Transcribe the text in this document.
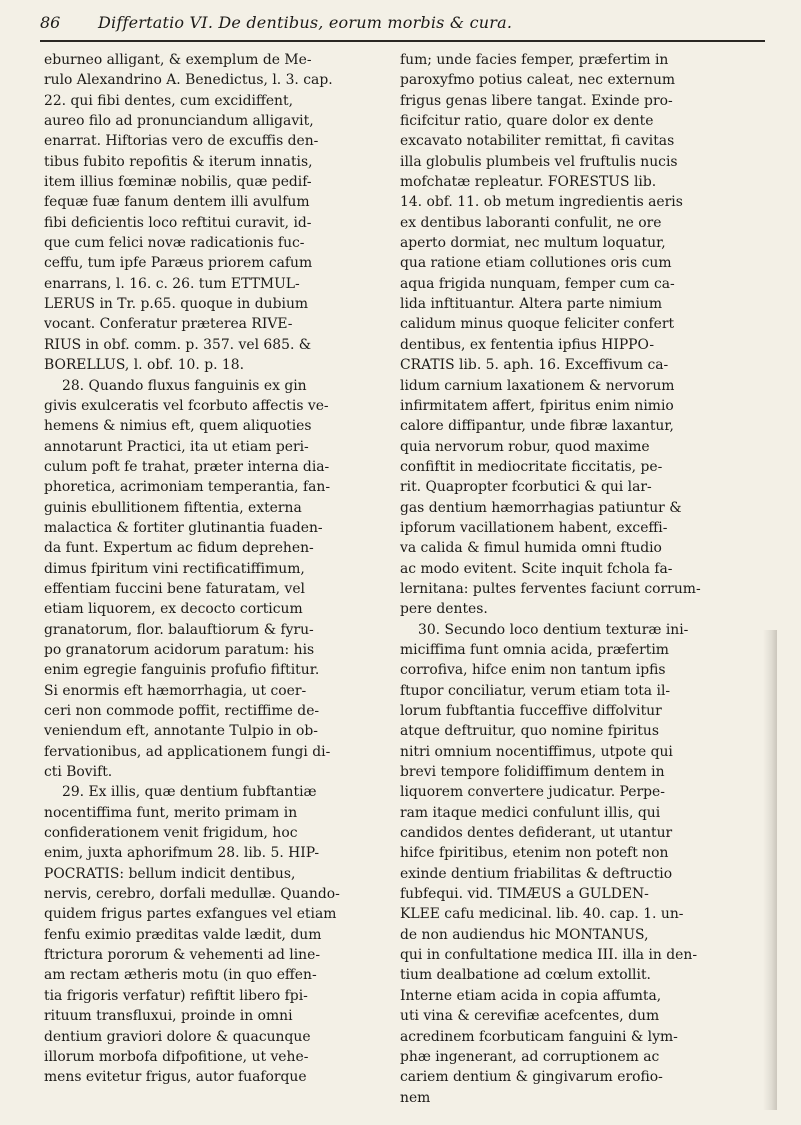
86 Differtatio VI. De dentibus, eorum morbis & cura.
eburneo alligant, & exemplum de Me-
rulo Alexandrino A. Benedictus, l. 3. cap.
22. qui fibi dentes, cum excidiffent,
aureo filo ad pronunciandum alligavit,
enarrat. Hiftorias vero de excuffis den-
tibus fubito repofitis & iterum innatis,
item illius fœminæ nobilis, quæ pedif-
fequæ fuæ fanum dentem illi avulfum
fibi deficientis loco reftitui curavit, id-
que cum felici novæ radicationis fuc-
ceffu, tum ipfe Paræus priorem cafum
enarrans, l. 16. c. 26. tum ETTMUL-
LERUS in Tr. p.65. quoque in dubium
vocant. Conferatur præterea RIVE-
RIUS in obf. comm. p. 357. vel 685. &
BORELLUS, l. obf. 10. p. 18.
28. Quando fluxus fanguinis ex gin
givis exulceratis vel fcorbuto affectis ve-
hemens & nimius eft, quem aliquoties
annotarunt Practici, ita ut etiam peri-
culum poft fe trahat, præter interna dia-
phoretica, acrimoniam temperantia, fan-
guinis ebullitionem fiftentia, externa
malactica & fortiter glutinantia fuaden-
da funt. Expertum ac fidum deprehen-
dimus fpiritum vini rectificatiffimum,
effentiam fuccini bene faturatam, vel
etiam liquorem, ex decocto corticum
granatorum, flor. balauftiorum & fyru-
po granatorum acidorum paratum: his
enim egregie fanguinis profufio fiftitur.
Si enormis eft hæmorrhagia, ut coer-
ceri non commode poffit, rectiffime de-
veniendum eft, annotante Tulpio in ob-
fervationibus, ad applicationem fungi di-
cti Bovift.
29. Ex illis, quæ dentium fubftantiæ
nocentiffima funt, merito primam in
confiderationem venit frigidum, hoc
enim, juxta aphorifmum 28. lib. 5. HIP-
POCRATIS: bellum indicit dentibus,
nervis, cerebro, dorfali medullæ. Quando-
quidem frigus partes exfangues vel etiam
fenfu eximio præditas valde lædit, dum
ftrictura pororum & vehementi ad line-
am rectam ætheris motu (in quo effen-
tia frigoris verfatur) refiftit libero fpi-
rituum transfluxui, proinde in omni
dentium graviori dolore & quacunque
illorum morbofa difpofitione, ut vehe-
mens evitetur frigus, autor fuaforque
fum; unde facies femper, præfertim in
paroxyfmo potius caleat, nec externum
frigus genas libere tangat. Exinde pro-
ficifcitur ratio, quare dolor ex dente
excavato notabiliter remittat, fi cavitas
illa globulis plumbeis vel fruftulis nucis
mofchatæ repleatur. FORESTUS lib.
14. obf. 11. ob metum ingredientis aeris
ex dentibus laboranti confulit, ne ore
aperto dormiat, nec multum loquatur,
qua ratione etiam collutiones oris cum
aqua frigida nunquam, femper cum ca-
lida inftituantur. Altera parte nimium
calidum minus quoque feliciter confert
dentibus, ex fententia ipfius HIPPO-
CRATIS lib. 5. aph. 16. Exceffivum ca-
lidum carnium laxationem & nervorum
infirmitatem affert, fpiritus enim nimio
calore diffipantur, unde fibræ laxantur,
quia nervorum robur, quod maxime
confiftit in mediocritate ficcitatis, pe-
rit. Quapropter fcorbutici & qui lar-
gas dentium hæmorrhagias patiuntur &
ipforum vacillationem habent, exceffi-
va calida & fimul humida omni ftudio
ac modo evitent. Scite inquit fchola fa-
lernitana: pultes ferventes faciunt corrum-
pere dentes.
30. Secundo loco dentium texturæ ini-
miciffima funt omnia acida, præfertim
corrofiva, hifce enim non tantum ipfis
ftupor conciliatur, verum etiam tota il-
lorum fubftantia fucceffive diffolvitur
atque deftruitur, quo nomine fpiritus
nitri omnium nocentiffimus, utpote qui
brevi tempore folidiffimum dentem in
liquorem convertere judicatur. Perpe-
ram itaque medici confulunt illis, qui
candidos dentes defiderant, ut utantur
hifce fpiritibus, etenim non poteft non
exinde dentium friabilitas & deftructio
fubfequi. vid. TIMÆUS a GULDEN-
KLEE cafu medicinal. lib. 40. cap. 1. un-
de non audiendus hic MONTANUS,
qui in confultatione medica III. illa in den-
tium dealbatione ad cœlum extollit.
Interne etiam acida in copia affumta,
uti vina & cerevifiæ acefcentes, dum
acredinem fcorbuticam fanguini & lym-
phæ ingenerant, ad corruptionem ac
cariem dentium & gingivarum erofio-
nem
